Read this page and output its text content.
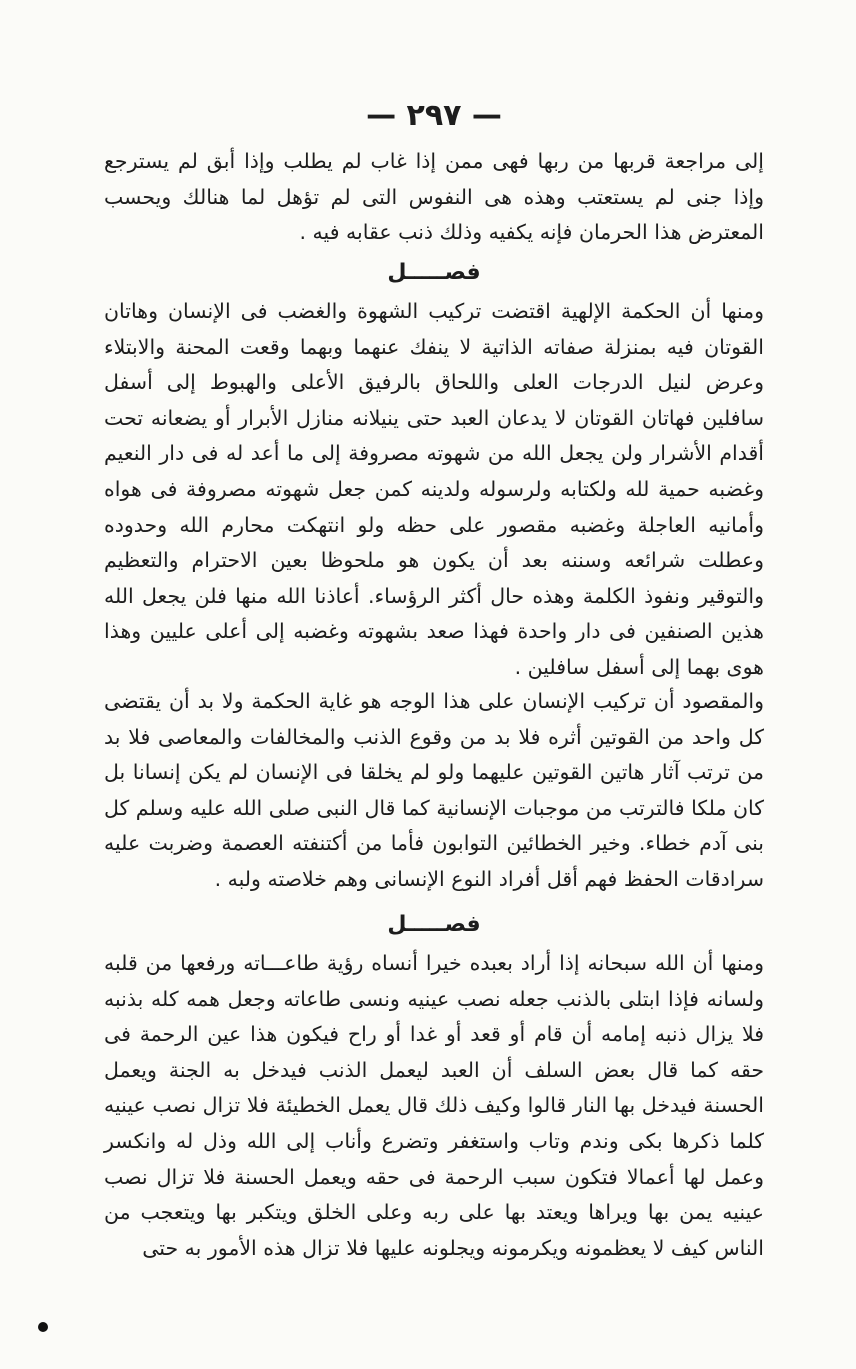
— ٢٩٧ —

إلى مراجعة قربها من ربها فهى ممن إذا غاب لم يطلب وإذا أبق لم يسترجع وإذا جنى لم يستعتب وهذه هى النفوس التى لم تؤهل لما هنالك ويحسب المعترض هذا الحرمان فإنه يكفيه وذلك ذنب عقابه فيه .

فصـــــل

ومنها أن الحكمة الإلهية اقتضت تركيب الشهوة والغضب فى الإنسان وهاتان القوتان فيه بمنزلة صفاته الذاتية لا ينفك عنهما وبهما وقعت المحنة والابتلاء وعرض لنيل الدرجات العلى واللحاق بالرفيق الأعلى والهبوط إلى أسفل سافلين فهاتان القوتان لا يدعان العبد حتى ينيلانه منازل الأبرار أو يضعانه تحت أقدام الأشرار ولن يجعل الله من شهوته مصروفة إلى ما أعد له فى دار النعيم وغضبه حمية لله ولكتابه ولرسوله ولدينه كمن جعل شهوته مصروفة فى هواه وأمانيه العاجلة وغضبه مقصور على حظه ولو انتهكت محارم الله وحدوده وعطلت شرائعه وسننه بعد أن يكون هو ملحوظا بعين الاحترام والتعظيم والتوقير ونفوذ الكلمة وهذه حال أكثر الرؤساء. أعاذنا الله منها فلن يجعل الله هذين الصنفين فى دار واحدة فهذا صعد بشهوته وغضبه إلى أعلى عليين وهذا هوى بهما إلى أسفل سافلين .

والمقصود أن تركيب الإنسان على هذا الوجه هو غاية الحكمة ولا بد أن يقتضى كل واحد من القوتين أثره فلا بد من وقوع الذنب والمخالفات والمعاصى فلا بد من ترتب آثار هاتين القوتين عليهما ولو لم يخلقا فى الإنسان لم يكن إنسانا بل كان ملكا فالترتب من موجبات الإنسانية كما قال النبى صلى الله عليه وسلم كل بنى آدم خطاء. وخير الخطائين التوابون فأما من أكتنفته العصمة وضربت عليه سرادقات الحفظ فهم أقل أفراد النوع الإنسانى وهم خلاصته ولبه .

فصـــــل

ومنها أن الله سبحانه إذا أراد بعبده خيرا أنساه رؤية طاعـــاته ورفعها من قلبه ولسانه فإذا ابتلى بالذنب جعله نصب عينيه ونسى طاعاته وجعل همه كله بذنبه فلا يزال ذنبه إمامه أن قام أو قعد أو غدا أو راح فيكون هذا عين الرحمة فى حقه كما قال بعض السلف أن العبد ليعمل الذنب فيدخل به الجنة ويعمل الحسنة فيدخل بها النار قالوا وكيف ذلك قال يعمل الخطيئة فلا تزال نصب عينيه كلما ذكرها بكى وندم وتاب واستغفر وتضرع وأناب إلى الله وذل له وانكسر وعمل لها أعمالا فتكون سبب الرحمة فى حقه ويعمل الحسنة فلا تزال نصب عينيه يمن بها ويراها ويعتد بها على ربه وعلى الخلق ويتكبر بها ويتعجب من الناس كيف لا يعظمونه ويكرمونه ويجلونه عليها فلا تزال هذه الأمور به حتى
